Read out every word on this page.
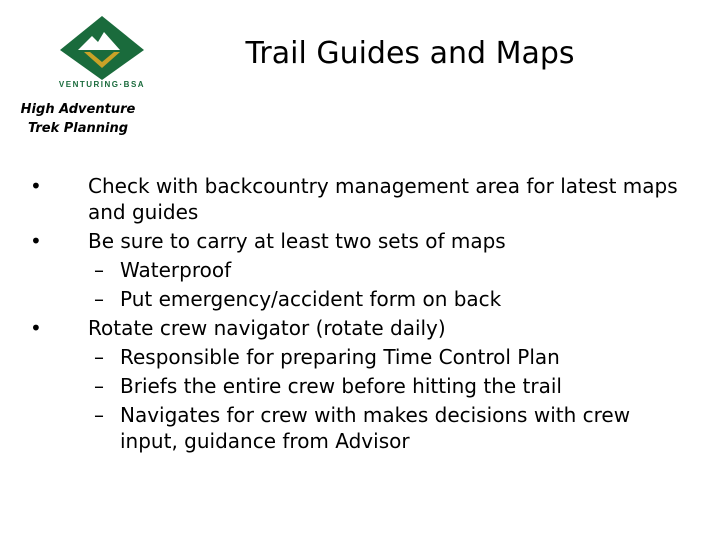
VENTURING·BSA
High Adventure
Trek Planning
Trail Guides and Maps
• Check with backcountry management area for latest maps and guides
• Be sure to carry at least two sets of maps
– Waterproof
– Put emergency/accident form on back
• Rotate crew navigator (rotate daily)
– Responsible for preparing Time Control Plan
– Briefs the entire crew before hitting the trail
– Navigates for crew with makes decisions with crew input, guidance from Advisor
